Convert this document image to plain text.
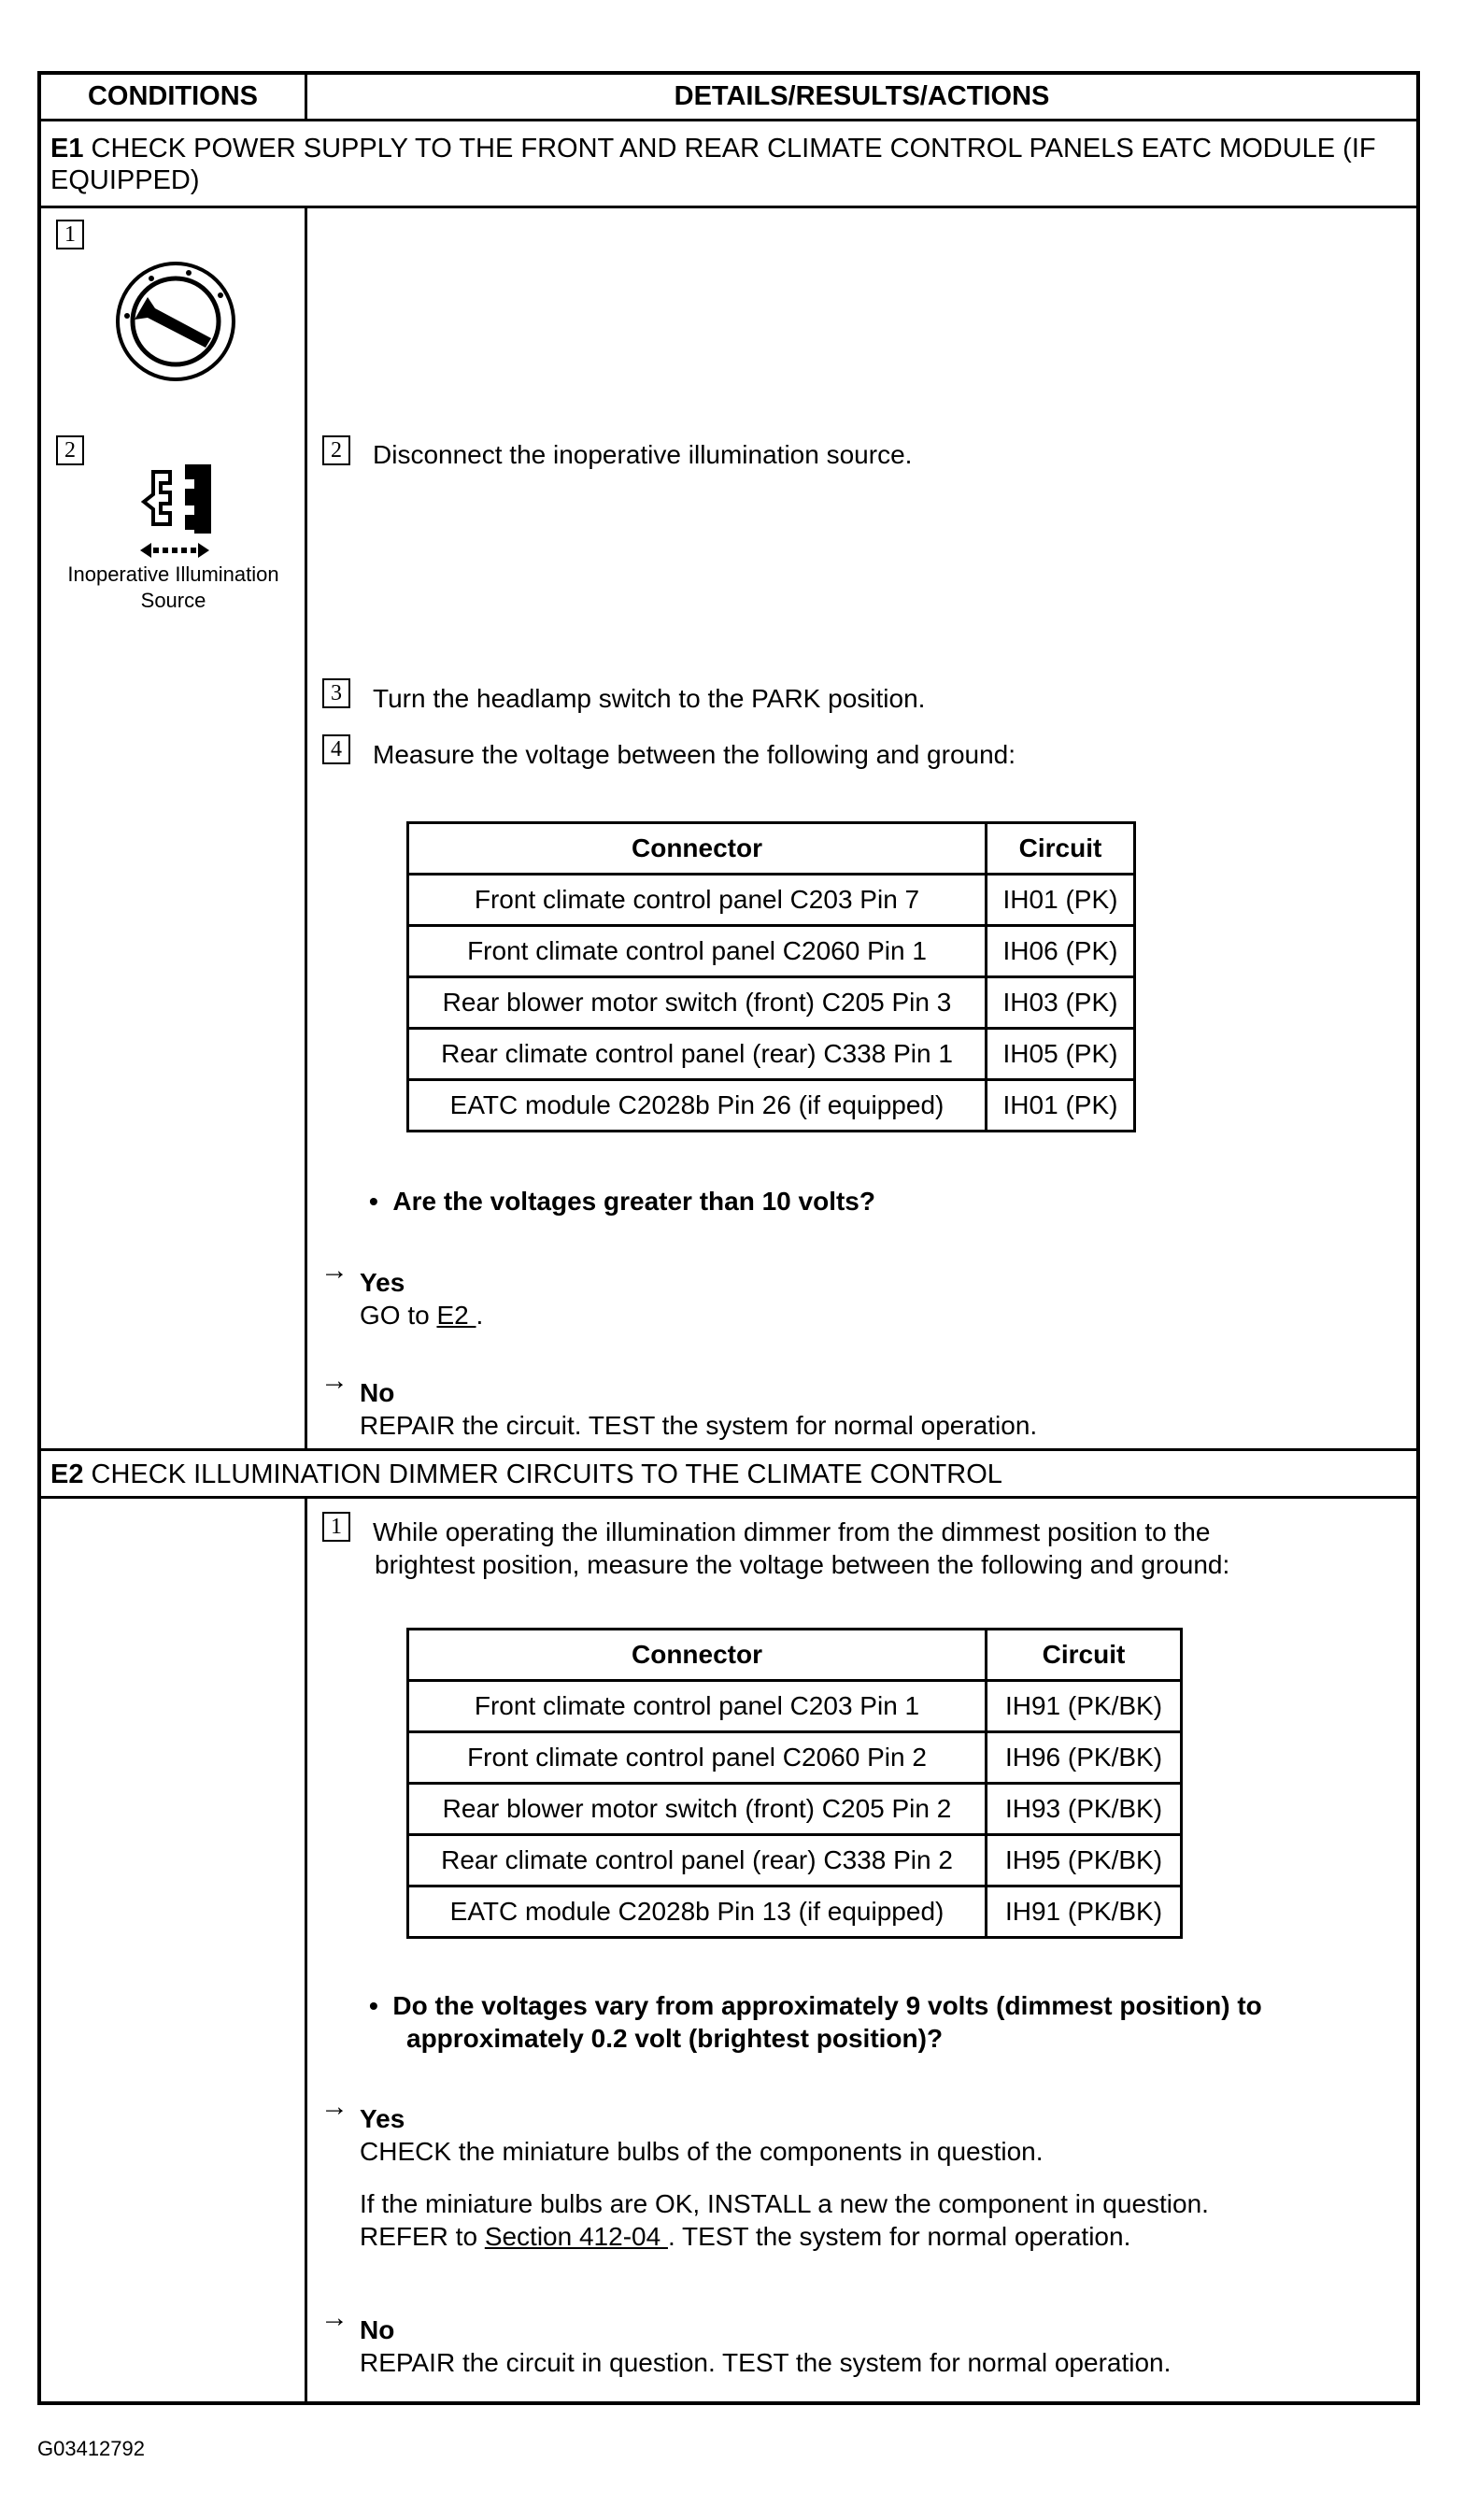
CONDITIONS	DETAILS/RESULTS/ACTIONS
E1 CHECK POWER SUPPLY TO THE FRONT AND REAR CLIMATE CONTROL PANELS EATC MODULE (IF EQUIPPED)
1
2
Inoperative Illumination Source
2	Disconnect the inoperative illumination source.
3	Turn the headlamp switch to the PARK position.
4	Measure the voltage between the following and ground:
Connector	Circuit
Front climate control panel C203 Pin 7	IH01 (PK)
Front climate control panel C2060 Pin 1	IH06 (PK)
Rear blower motor switch (front) C205 Pin 3	IH03 (PK)
Rear climate control panel (rear) C338 Pin 1	IH05 (PK)
EATC module C2028b Pin 26 (if equipped)	IH01 (PK)
•  Are the voltages greater than 10 volts?
→ Yes
GO to E2 .
→ No
REPAIR the circuit. TEST the system for normal operation.
E2 CHECK ILLUMINATION DIMMER CIRCUITS TO THE CLIMATE CONTROL
1	While operating the illumination dimmer from the dimmest position to the
brightest position, measure the voltage between the following and ground:
Connector	Circuit
Front climate control panel C203 Pin 1	IH91 (PK/BK)
Front climate control panel C2060 Pin 2	IH96 (PK/BK)
Rear blower motor switch (front) C205 Pin 2	IH93 (PK/BK)
Rear climate control panel (rear) C338 Pin 2	IH95 (PK/BK)
EATC module C2028b Pin 13 (if equipped)	IH91 (PK/BK)
•  Do the voltages vary from approximately 9 volts (dimmest position) to
approximately 0.2 volt (brightest position)?
→ Yes
CHECK the miniature bulbs of the components in question.
If the miniature bulbs are OK, INSTALL a new the component in question.
REFER to Section 412-04 . TEST the system for normal operation.
→ No
REPAIR the circuit in question. TEST the system for normal operation.
G03412792
